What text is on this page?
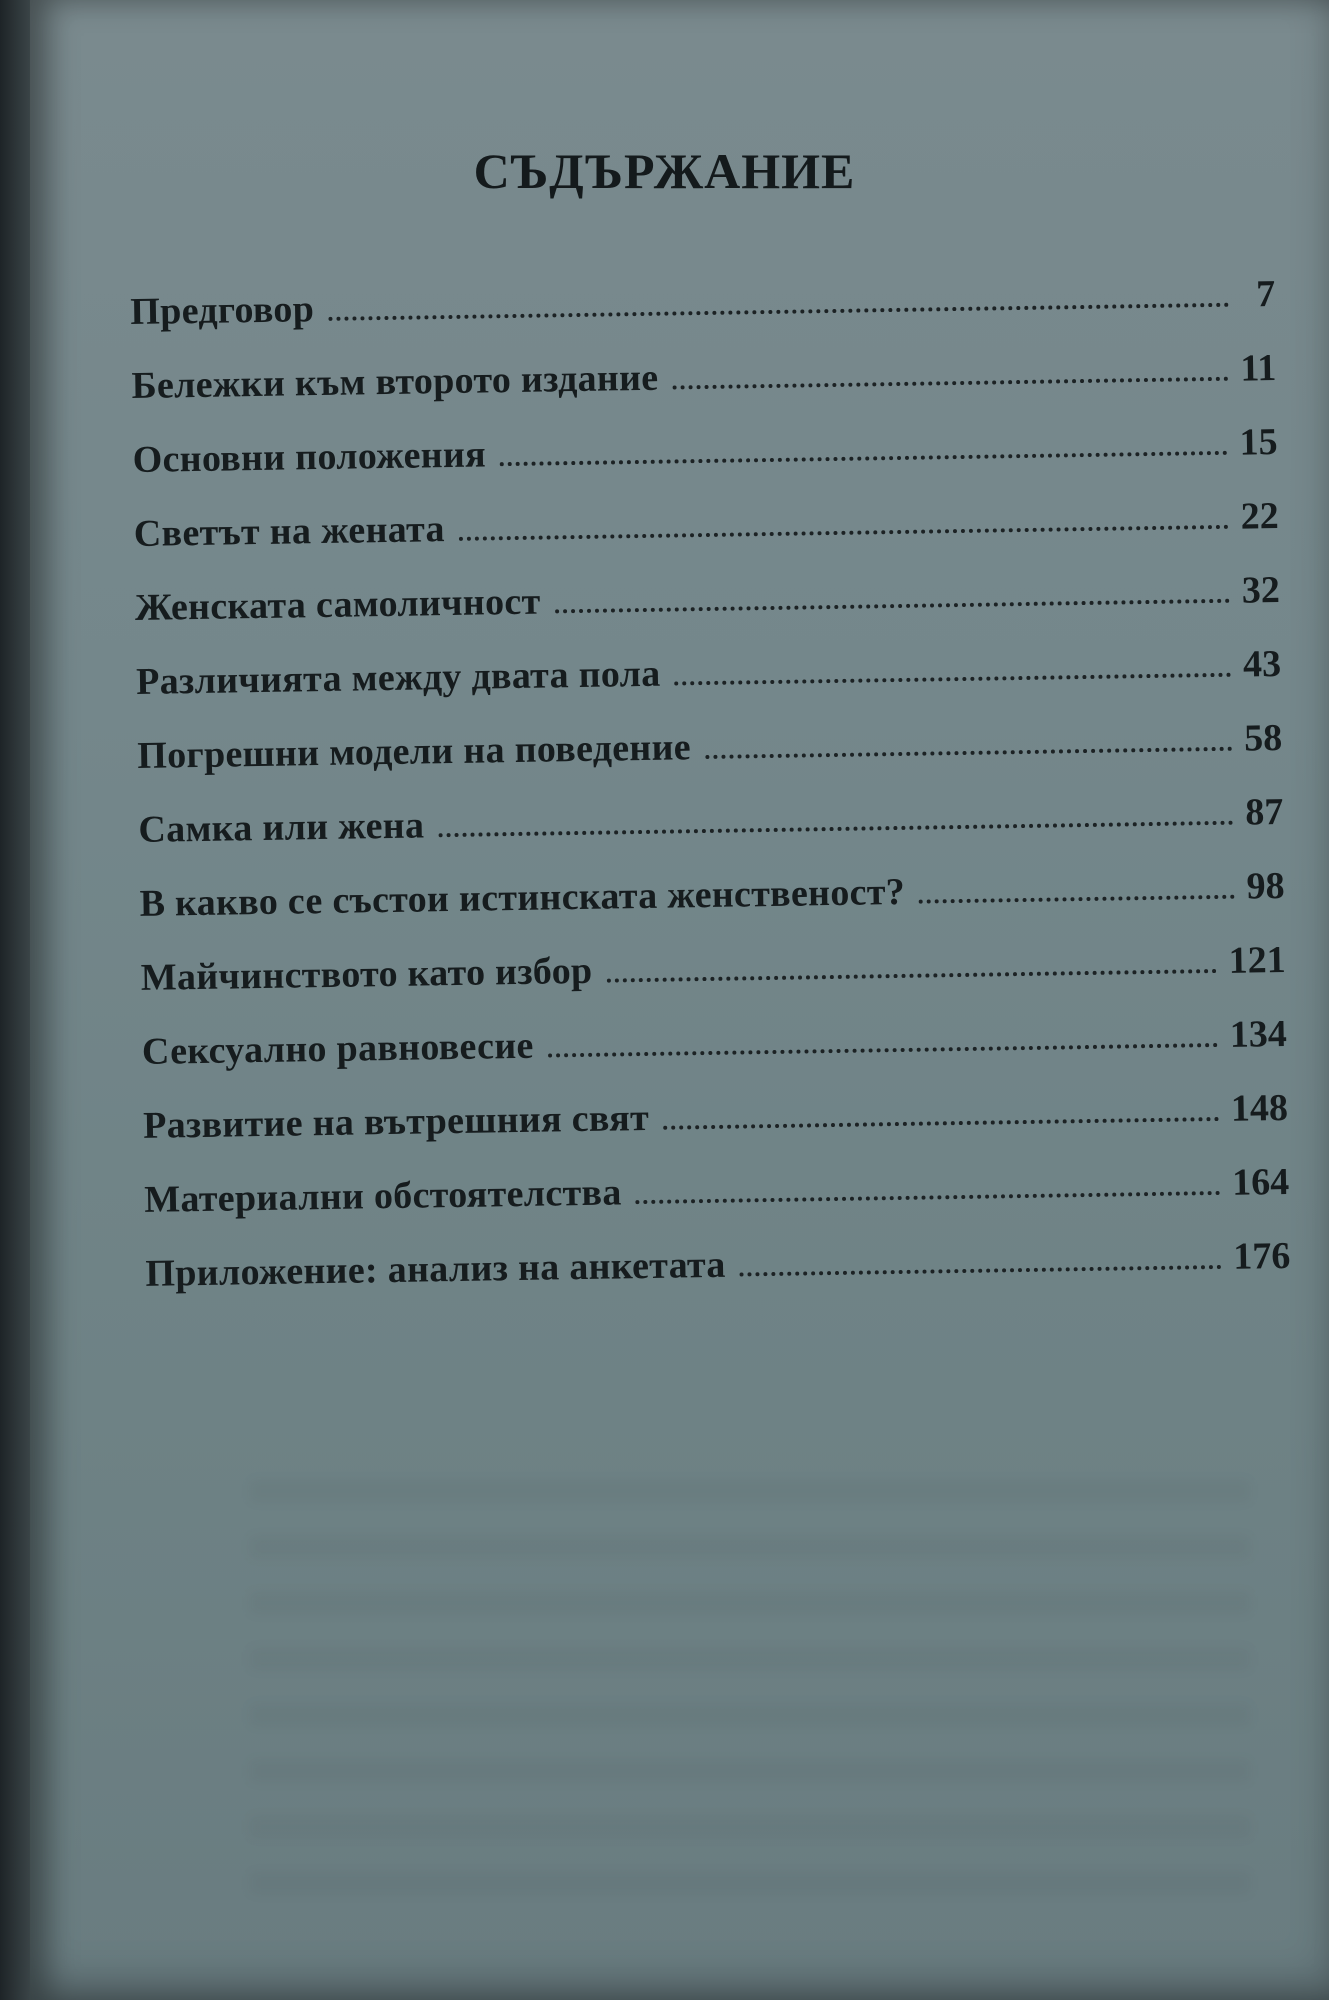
СЪДЪРЖАНИЕ
Предговор	7
Бележки към второто издание	11
Основни положения	15
Светът на жената	22
Женската самоличност	32
Различията между двата пола	43
Погрешни модели на поведение	58
Самка или жена	87
В какво се състои истинската женственост?	98
Майчинството като избор	121
Сексуално равновесие	134
Развитие на вътрешния свят	148
Материални обстоятелства	164
Приложение: анализ на анкетата	176
